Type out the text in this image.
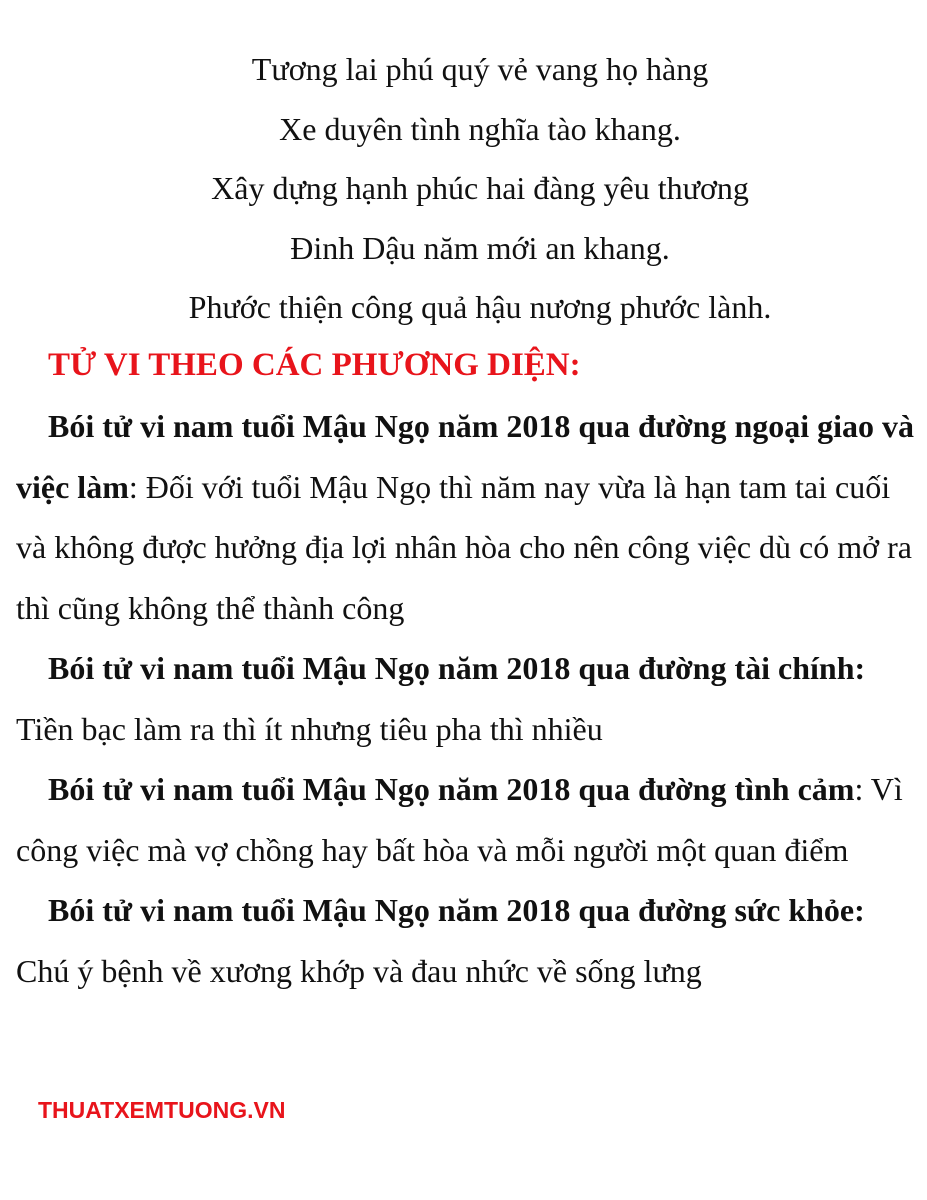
Tương lai phú quý vẻ vang họ hàng
Xe duyên tình nghĩa tào khang.
Xây dựng hạnh phúc hai đàng yêu thương
Đinh Dậu năm mới an khang.
Phước thiện công quả hậu nương phước lành.
TỬ VI THEO CÁC PHƯƠNG DIỆN:

Bói tử vi nam tuổi Mậu Ngọ năm 2018 qua đường ngoại giao và việc làm: Đối với tuổi Mậu Ngọ thì năm nay vừa là hạn tam tai cuối và không được hưởng địa lợi nhân hòa cho nên công việc dù có mở ra thì cũng không thể thành công

Bói tử vi nam tuổi Mậu Ngọ năm 2018 qua đường tài chính: Tiền bạc làm ra thì ít nhưng tiêu pha thì nhiều

Bói tử vi nam tuổi Mậu Ngọ năm 2018 qua đường tình cảm: Vì công việc mà vợ chồng hay bất hòa và mỗi người một quan điểm

Bói tử vi nam tuổi Mậu Ngọ năm 2018 qua đường sức khỏe: Chú ý bệnh về xương khớp và đau nhức về sống lưng

THUATXEMTUONG.VN
